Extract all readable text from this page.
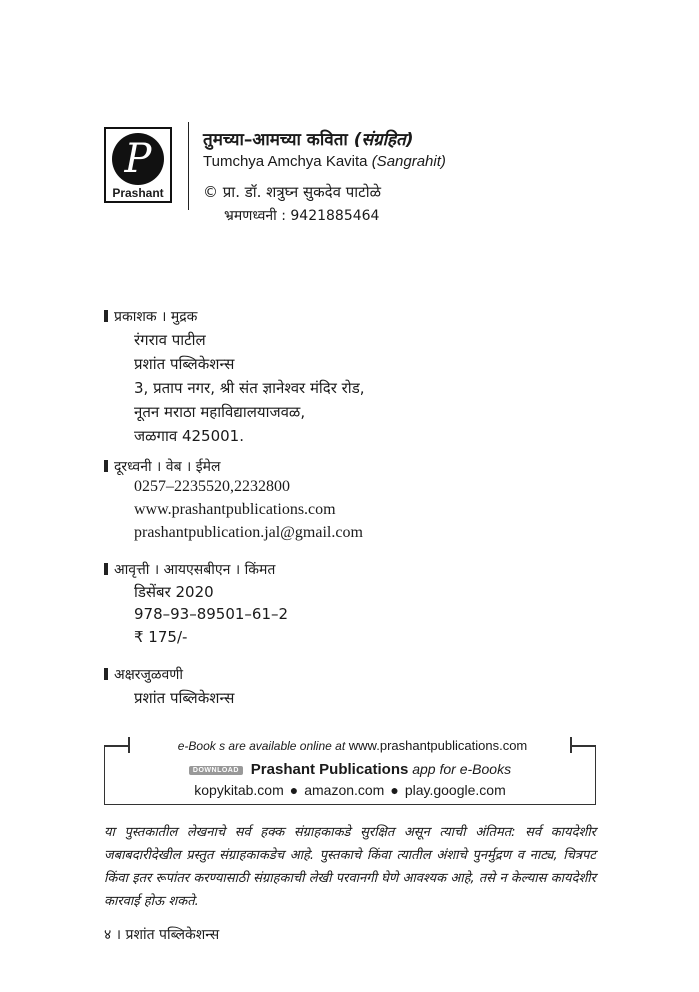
P
Prashant
तुमच्या–आमच्या कविता (संग्रहित)
Tumchya Amchya Kavita (Sangrahit)
© प्रा. डॉ. शत्रुघ्न सुकदेव पाटोळे
भ्रमणध्वनी : 9421885464
प्रकाशक । मुद्रक
रंगराव पाटील
प्रशांत पब्लिकेशन्स
3, प्रताप नगर, श्री संत ज्ञानेश्वर मंदिर रोड,
नूतन मराठा महाविद्यालयाजवळ,
जळगाव 425001.
दूरध्वनी । वेब । ईमेल
0257–2235520,2232800
www.prashantpublications.com
prashantpublication.jal@gmail.com
आवृत्ती । आयएसबीएन । किंमत
डिसेंबर 2020
978–93–89501–61–2
₹ 175/-
अक्षरजुळवणी
प्रशांत पब्लिकेशन्स
e-Book s are available online at www.prashantpublications.com
DOWNLOAD Prashant Publications app for e-Books
kopykitab.com ● amazon.com ● play.google.com
या पुस्तकातील लेखनाचे सर्व हक्क संग्राहकाकडे सुरक्षित असून त्याची अंतिमत: सर्व कायदेशीर जबाबदारीदेखील प्रस्तुत संग्राहकाकडेच आहे. पुस्तकाचे किंवा त्यातील अंशाचे पुनर्मुद्रण व नाट्य, चित्रपट किंवा इतर रूपांतर करण्यासाठी संग्राहकाची लेखी परवानगी घेणे आवश्यक आहे, तसे न केल्यास कायदेशीर कारवाई होऊ शकते.
४ । प्रशांत पब्लिकेशन्स
